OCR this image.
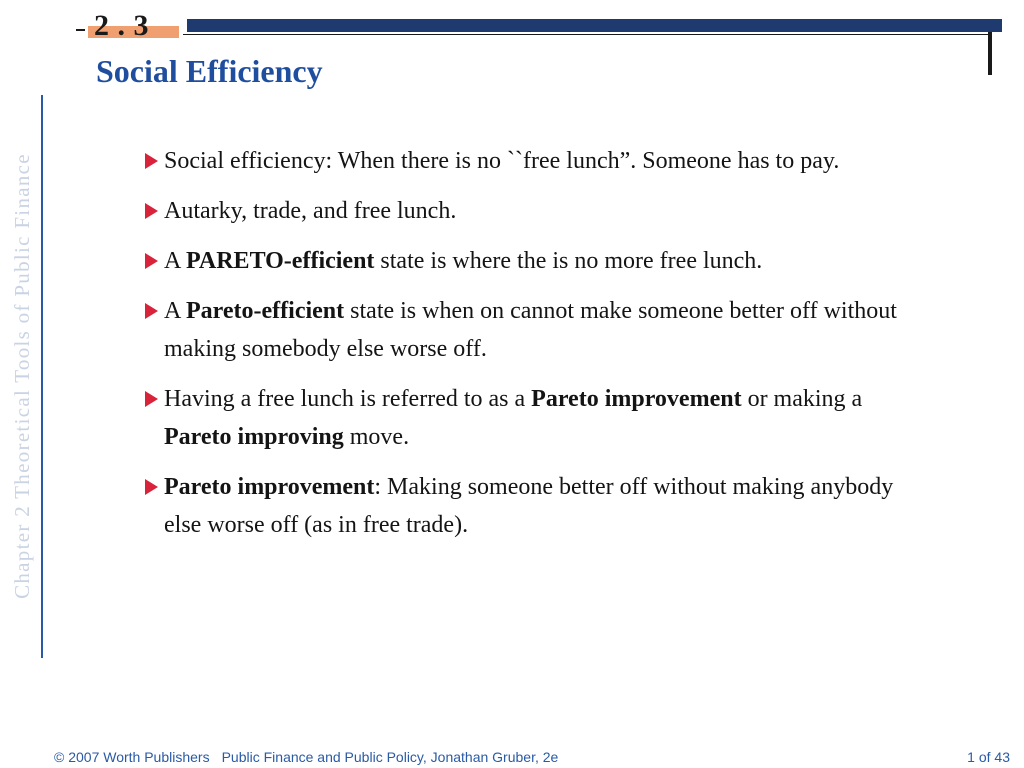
2 . 3
Social Efficiency

Chapter 2 Theoretical Tools of Public Finance	Social efficiency: When there is no ``free lunch”. Someone has to pay.
Autarky, trade, and free lunch.
A PARETO-efficient state is where the is no more free lunch.
A Pareto-efficient state is when on cannot make someone better off without making somebody else worse off.
Having a free lunch is referred to as a Pareto improvement or making a Pareto improving move.
Pareto improvement: Making someone better off without making anybody else worse off (as in free trade).

© 2007 Worth Publishers Public Finance and Public Policy, Jonathan Gruber, 2e	1 of 43
